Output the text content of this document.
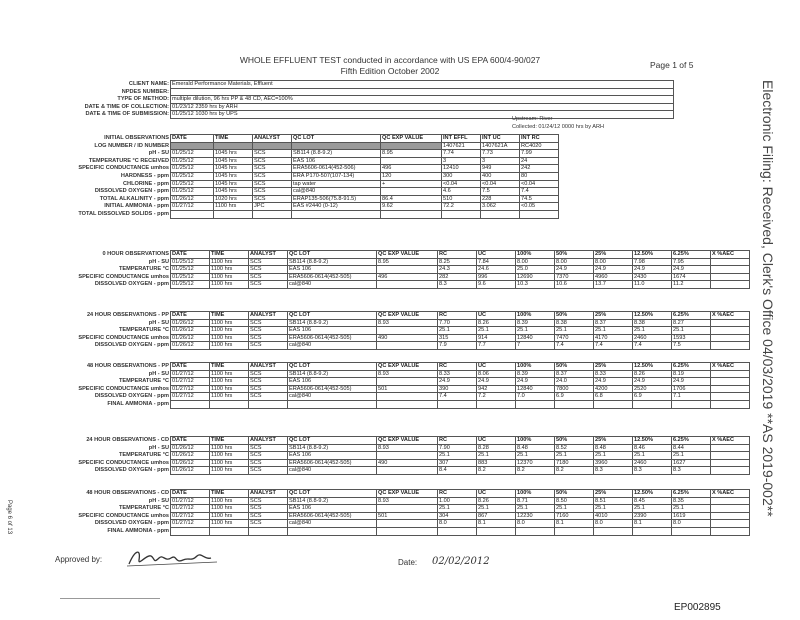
WHOLE EFFLUENT TEST conducted in accordance with US EPA 600/4-90/027
Fifth Edition October 2002
Page 1 of 5
Electronic Filing: Received, Clerk's Office 04/03/2019 **AS 2019-002**
CLIENT NAME:	Emerald Performance Materials, Effluent
NPDES NUMBER:	
TYPE OF METHOD:	multiple dilution, 96 hrs PP & 48 CD, AEC=100%
DATE & TIME OF COLLECTION:	01/23/12 2359 hrs by ARH
DATE & TIME OF SUBMISSION:	01/25/12 1030 hrs by UPS
Upstream: River
Collected: 01/24/12 0000 hrs by ARH
INITIAL OBSERVATIONS	DATE	TIME	ANALYST	QC LOT	QC EXP VALUE	INT EFFL	INT UC	INT RC
LOG NUMBER / ID NUMBER						1407621	1407621A	RC4020
pH - SU	01/25/12	1045 hrs	SCS	SB114 (8.8-9.2)	8.95	7.74	7.73	7.99
TEMPERATURE °C RECEIVED	01/25/12	1045 hrs	SCS	EAS 106		3	3	24
SPECIFIC CONDUCTANCE umhos	01/25/12	1045 hrs	SCS	ERA5606-0614(452-506)	496	12410	949	242
HARDNESS - ppm	01/25/12	1045 hrs	SCS	ERA P170-507(107-134)	120	300	400	80
CHLORINE - ppm	01/25/12	1045 hrs	SCS	tap water	+	<0.04	<0.04	<0.04
DISSOLVED OXYGEN - ppm	01/25/12	1045 hrs	SCS	cal@840		4.6	7.5	7.4
TOTAL ALKALINITY - ppm	01/26/12	1020 hrs	SCS	ERAP135-506(75.8-91.5)	86.4	510	228	74.5
INITIAL AMMONIA - ppm	01/27/12	1100 hrs	JPC	EAS #2440 (0-12)	9.62	72.2	3.062	<0.05
TOTAL DISSOLVED SOLIDS - ppm								
0 HOUR OBSERVATIONS	DATE	TIME	ANALYST	QC LOT	QC EXP VALUE	RC	UC	100%	50%	25%	12.50%	6.25%	X %AEC
pH - SU	01/25/12	1100 hrs	SCS	SB114 (8.8-9.2)	8.95	8.25	7.84	8.00	8.00	8.00	7.98	7.95	
TEMPERATURE °C	01/25/12	1100 hrs	SCS	EAS 106		24.3	24.6	25.0	24.9	24.9	24.9	24.9	
SPECIFIC CONDUCTANCE umhos	01/25/12	1100 hrs	SCS	ERA5606-0614(452-505)	496	282	996	12690	7370	4960	2430	1674	
DISSOLVED OXYGEN - ppm	01/25/12	1100 hrs	SCS	cal@840		8.3	9.6	10.3	10.6	13.7	11.0	11.2	
24 HOUR OBSERVATIONS - PP	DATE	TIME	ANALYST	QC LOT	QC EXP VALUE	RC	UC	100%	50%	25%	12.50%	6.25%	X %AEC
pH - SU	01/26/12	1100 hrs	SCS	SB114 (8.8-9.2)	8.93	7.70	8.26	8.39	8.38	8.37	8.38	8.27	
TEMPERATURE °C	01/26/12	1100 hrs	SCS	EAS 106		25.1	25.1	25.1	25.1	25.1	25.1	25.1	
SPECIFIC CONDUCTANCE umhos	01/26/12	1100 hrs	SCS	ERA5606-0614(452-505)	490	315	914	12840	7470	4170	2460	1593	
DISSOLVED OXYGEN - ppm	01/26/12	1100 hrs	SCS	cal@840		7.9	7.7	7	7.4	7.4	7.4	7.5	
48 HOUR OBSERVATIONS - PP	DATE	TIME	ANALYST	QC LOT	QC EXP VALUE	RC	UC	100%	50%	25%	12.50%	6.25%	X %AEC
pH - SU	01/27/12	1100 hrs	SCS	SB114 (8.8-9.2)	8.93	8.33	8.06	8.39	8.37	8.33	8.26	8.19	
TEMPERATURE °C	01/27/12	1100 hrs	SCS	EAS 106		24.9	24.9	24.9	24.0	24.9	24.9	24.9	
SPECIFIC CONDUCTANCE umhos	01/27/12	1100 hrs	SCS	ERA5606-0614(452-505)	501	390	942	12840	7800	4200	2520	1706	
DISSOLVED OXYGEN - ppm	01/27/12	1100 hrs	SCS	cal@840		7.4	7.2	7.0	6.9	6.8	6.9	7.1	
FINAL AMMONIA - ppm													
24 HOUR OBSERVATIONS - CD	DATE	TIME	ANALYST	QC LOT	QC EXP VALUE	RC	UC	100%	50%	25%	12.50%	6.25%	X %AEC
pH - SU	01/26/12	1100 hrs	SCS	SB114 (8.8-9.2)	8.93	7.90	8.28	8.48	8.52	8.48	8.46	8.44	
TEMPERATURE °C	01/26/12	1100 hrs	SCS	EAS 106		25.1	25.1	25.1	25.1	25.1	25.1	25.1	
SPECIFIC CONDUCTANCE umhos	01/26/12	1100 hrs	SCS	ERA5606-0614(452-505)	490	307	883	12370	7180	3960	2460	1627	
DISSOLVED OXYGEN - ppm	01/26/12	1100 hrs	SCS	cal@840		8.4	8.2	8.2	8.2	8.3	8.3	8.3	
48 HOUR OBSERVATIONS - CD	DATE	TIME	ANALYST	QC LOT	QC EXP VALUE	RC	UC	100%	50%	25%	12.50%	6.25%	X %AEC
pH - SU	01/27/12	1100 hrs	SCS	SB114 (8.8-9.2)	8.93	1.00	8.26	8.71	8.50	8.51	8.45	8.35	
TEMPERATURE °C	01/27/12	1100 hrs	SCS	EAS 106		25.1	25.1	25.1	25.1	25.1	25.1	25.1	
SPECIFIC CONDUCTANCE umhos	01/27/12	1100 hrs	SCS	ERA5606-0614(452-505)	501	304	867	12230	7160	4010	2390	1619	
DISSOLVED OXYGEN - ppm	01/27/12	1100 hrs	SCS	cal@840		8.0	8.1	8.0	8.1	8.0	8.1	8.0	
FINAL AMMONIA - ppm													
Page 6 of 13
Approved by:	Date: 02/02/2012
EP002895
